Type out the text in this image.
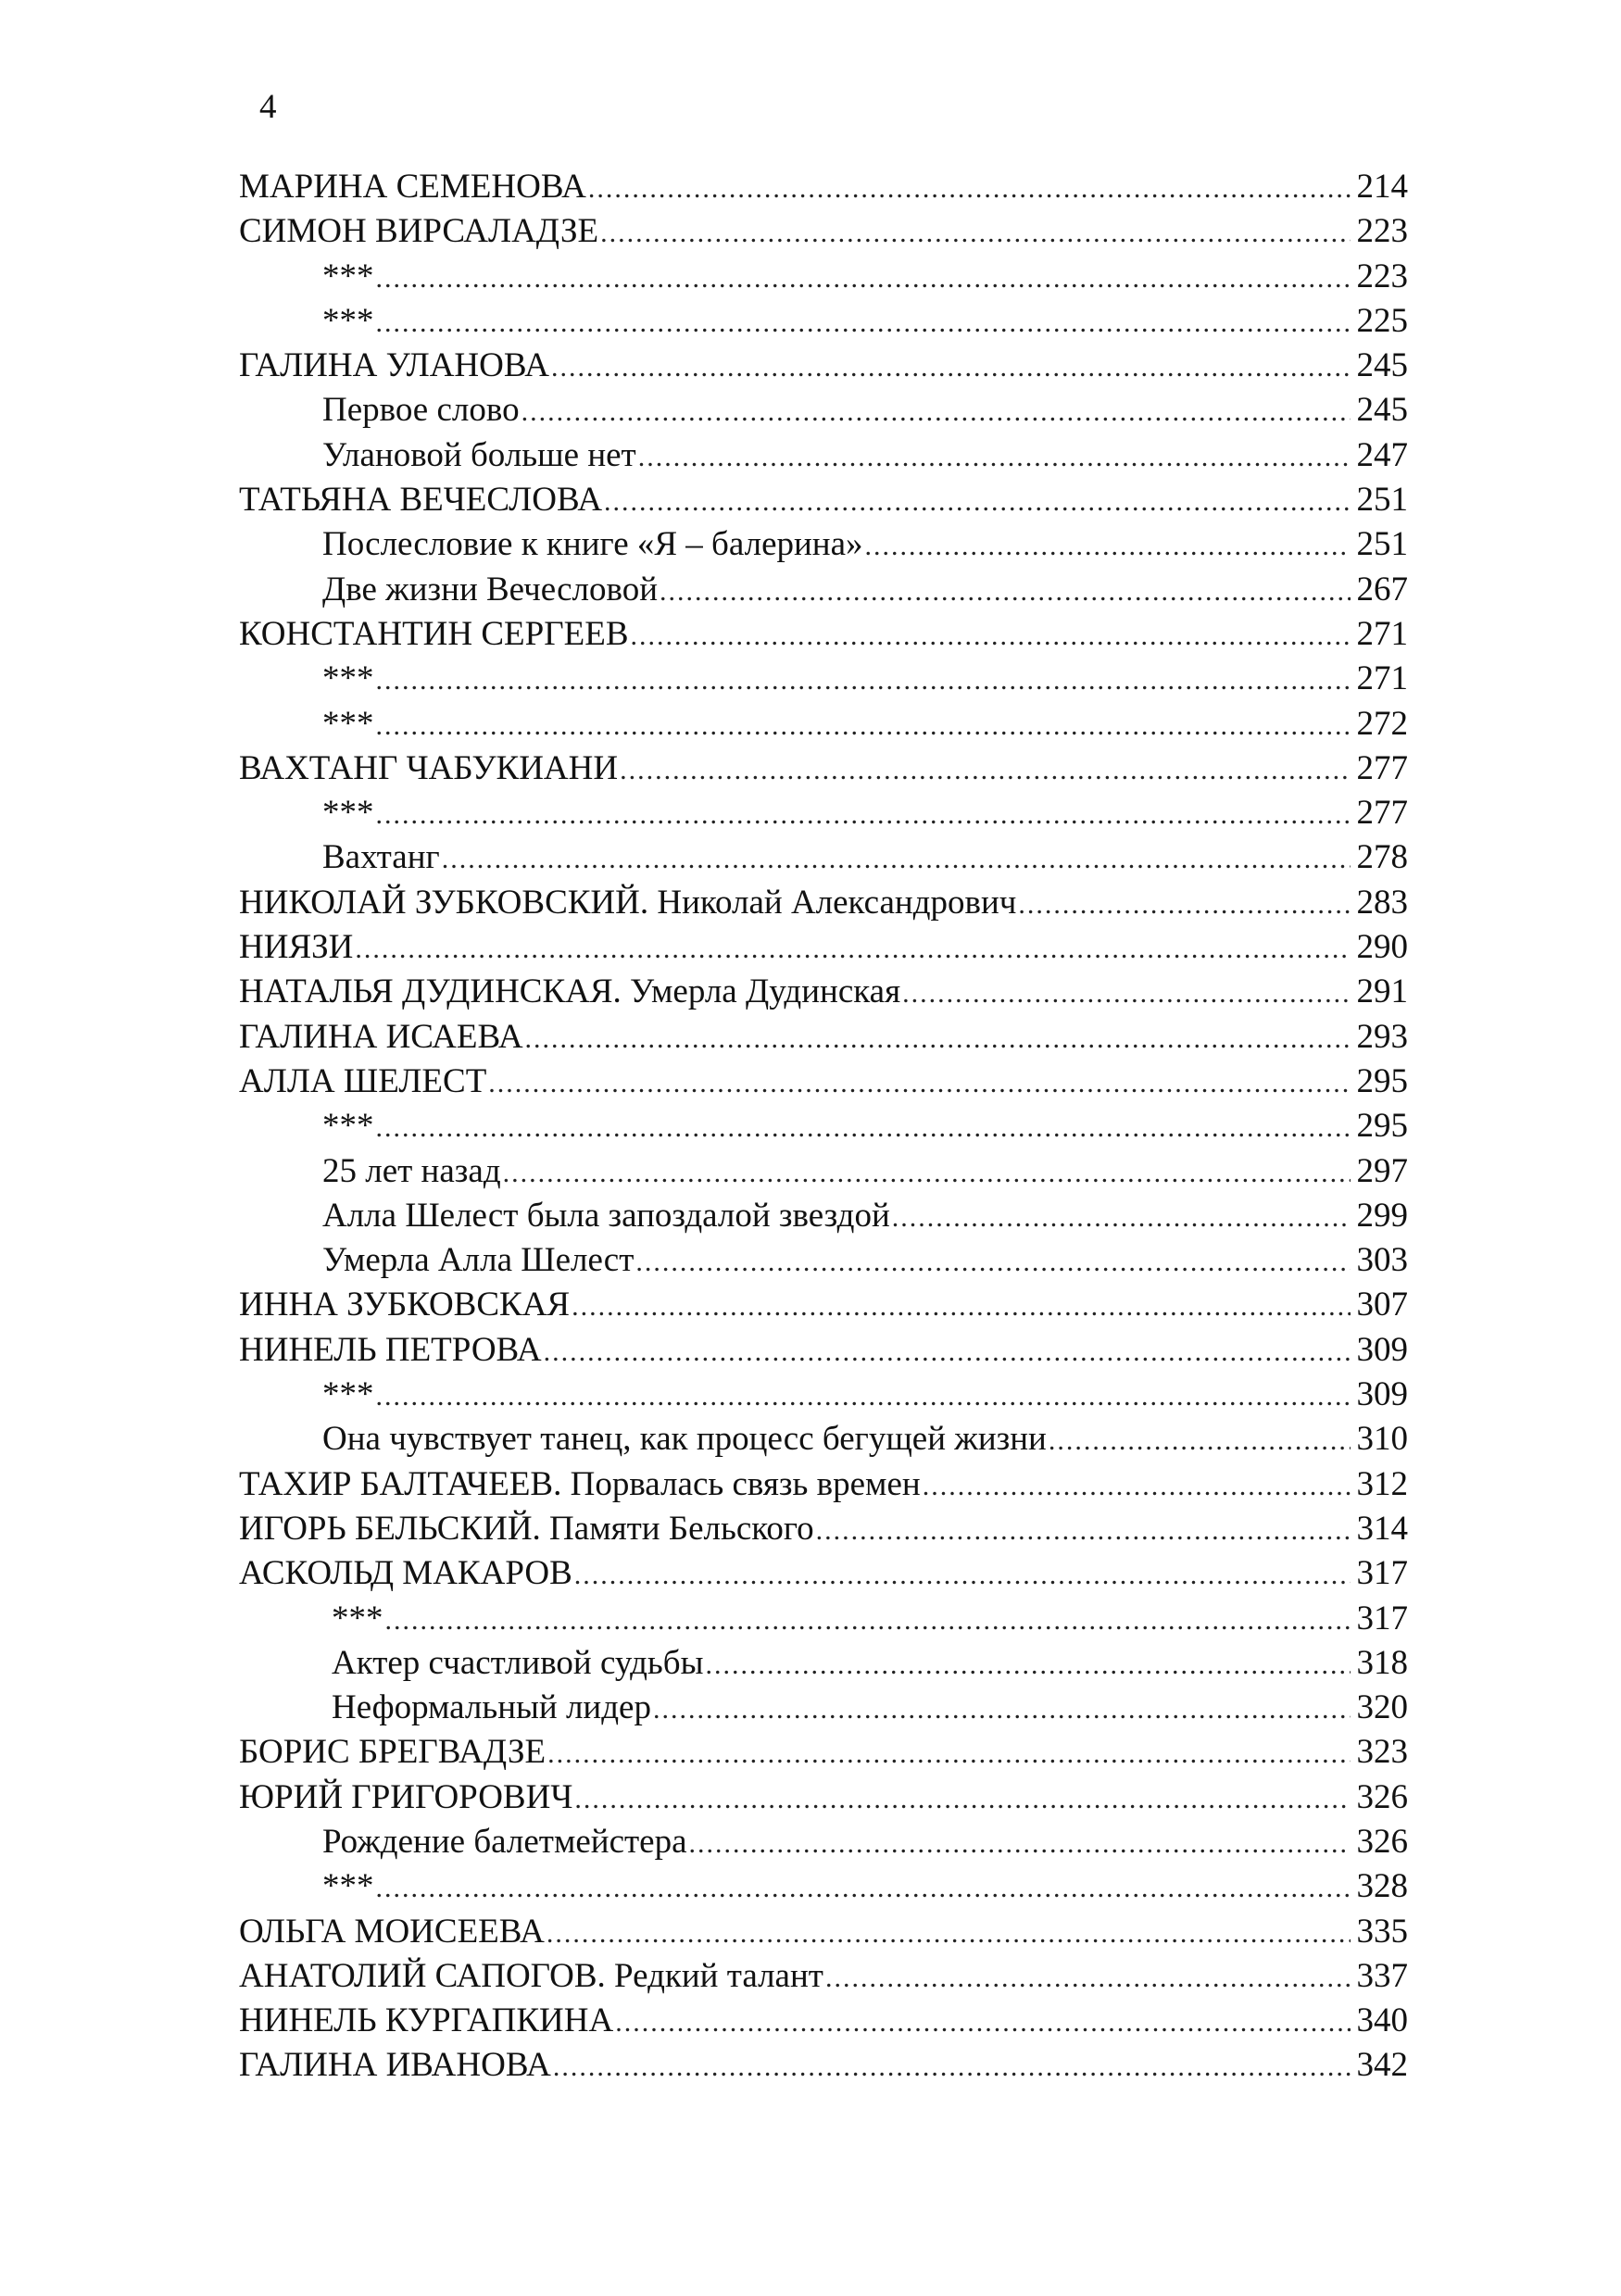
4
МАРИНА СЕМЕНОВА .....	214
СИМОН ВИРСАЛАДЗЕ .....	223
*** .....	223
*** .....	225
ГАЛИНА УЛАНОВА .....	245
Первое слово .....	245
Улановой больше нет .....	247
ТАТЬЯНА ВЕЧЕСЛОВА .....	251
Послесловие к книге «Я – балерина» .....	251
Две жизни Вечесловой .....	267
КОНСТАНТИН СЕРГЕЕВ .....	271
*** .....	271
*** .....	272
ВАХТАНГ ЧАБУКИАНИ .....	277
*** .....	277
Вахтанг .....	278
НИКОЛАЙ ЗУБКОВСКИЙ. Николай Александрович .....	283
НИЯЗИ .....	290
НАТАЛЬЯ ДУДИНСКАЯ. Умерла Дудинская .....	291
ГАЛИНА ИСАЕВА .....	293
АЛЛА ШЕЛЕСТ .....	295
*** .....	295
25 лет назад .....	297
Алла Шелест была запоздалой звездой .....	299
Умерла Алла Шелест .....	303
ИННА ЗУБКОВСКАЯ .....	307
НИНЕЛЬ ПЕТРОВА .....	309
*** .....	309
Она чувствует танец, как процесс бегущей жизни .....	310
ТАХИР БАЛТАЧЕЕВ. Порвалась связь времен .....	312
ИГОРЬ БЕЛЬСКИЙ. Памяти Бельского .....	314
АСКОЛЬД МАКАРОВ .....	317
*** .....	317
Актер счастливой судьбы .....	318
Неформальный лидер .....	320
БОРИС БРЕГВАДЗЕ .....	323
ЮРИЙ ГРИГОРОВИЧ .....	326
Рождение балетмейстера .....	326
*** .....	328
ОЛЬГА МОИСЕЕВА .....	335
АНАТОЛИЙ САПОГОВ. Редкий талант .....	337
НИНЕЛЬ КУРГАПКИНА .....	340
ГАЛИНА ИВАНОВА .....	342
